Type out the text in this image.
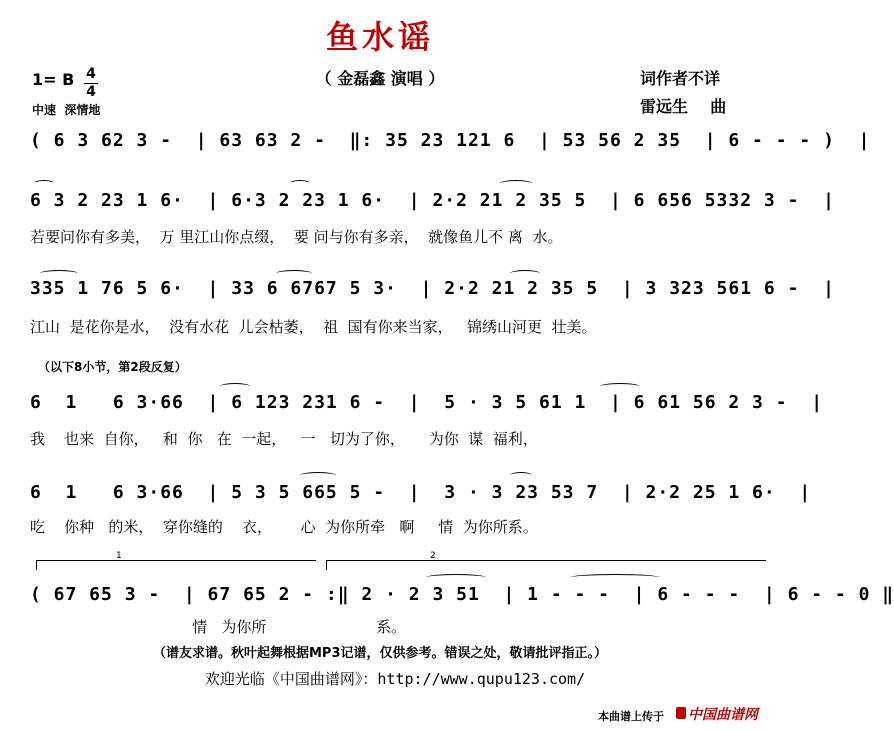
鱼水谣
（ 金磊鑫 演唱 ）	词作者不详
雷远生    曲
1= B 4
4
中速  深情地
( 6 3 62 3 -  | 63 63 2 -  ‖: 35 23 121 6  | 53 56 2 35  | 6 - - - )  |
6 3 2 23 1 6·  | 6·3 2 23 1 6·  | 2·2 21 2 35 5  | 6 656 5332 3 -  |
若要问你有多美，  万 里江山你点缀，  要 问与你有多亲，  就像鱼儿不 离  水。
335 1 76 5 6·  | 33 6 6767 5 3·  | 2·2 21 2 35 5  | 3 323 561 6 -  |
江山  是花你是水，  没有水花  儿会枯萎，  祖  国有你来当家，   锦绣山河更  壮美。
（以下8小节，第2段反复）
6  1   6 3·66  | 6 123 231 6 -  |  5 · 3 5 61 1  | 6 61 56 2 3 -  |
我    也来  自你，   和  你   在  一起，   一   切为了你，     为你  谋  福利，
6  1   6 3·66  | 5 3 5 665 5 -  |  3 · 3 23 53 7  | 2·2 25 1 6·  |
吃    你种   的米，  穿你缝的    衣，      心  为你所牵   啊     情  为你所系。
1	2
( 67 65 3 -  | 67 65 2 - :‖ 2 · 2 3 51  | 1 - - -  | 6 - - -  | 6 - - 0 ‖
情   为你所                       系。
（谱友求谱。秋叶起舞根据MP3记谱，仅供参考。错误之处，敬请批评指正。）
欢迎光临《中国曲谱网》：http://www.qupu123.com/
本曲谱上传于 中国曲谱网
